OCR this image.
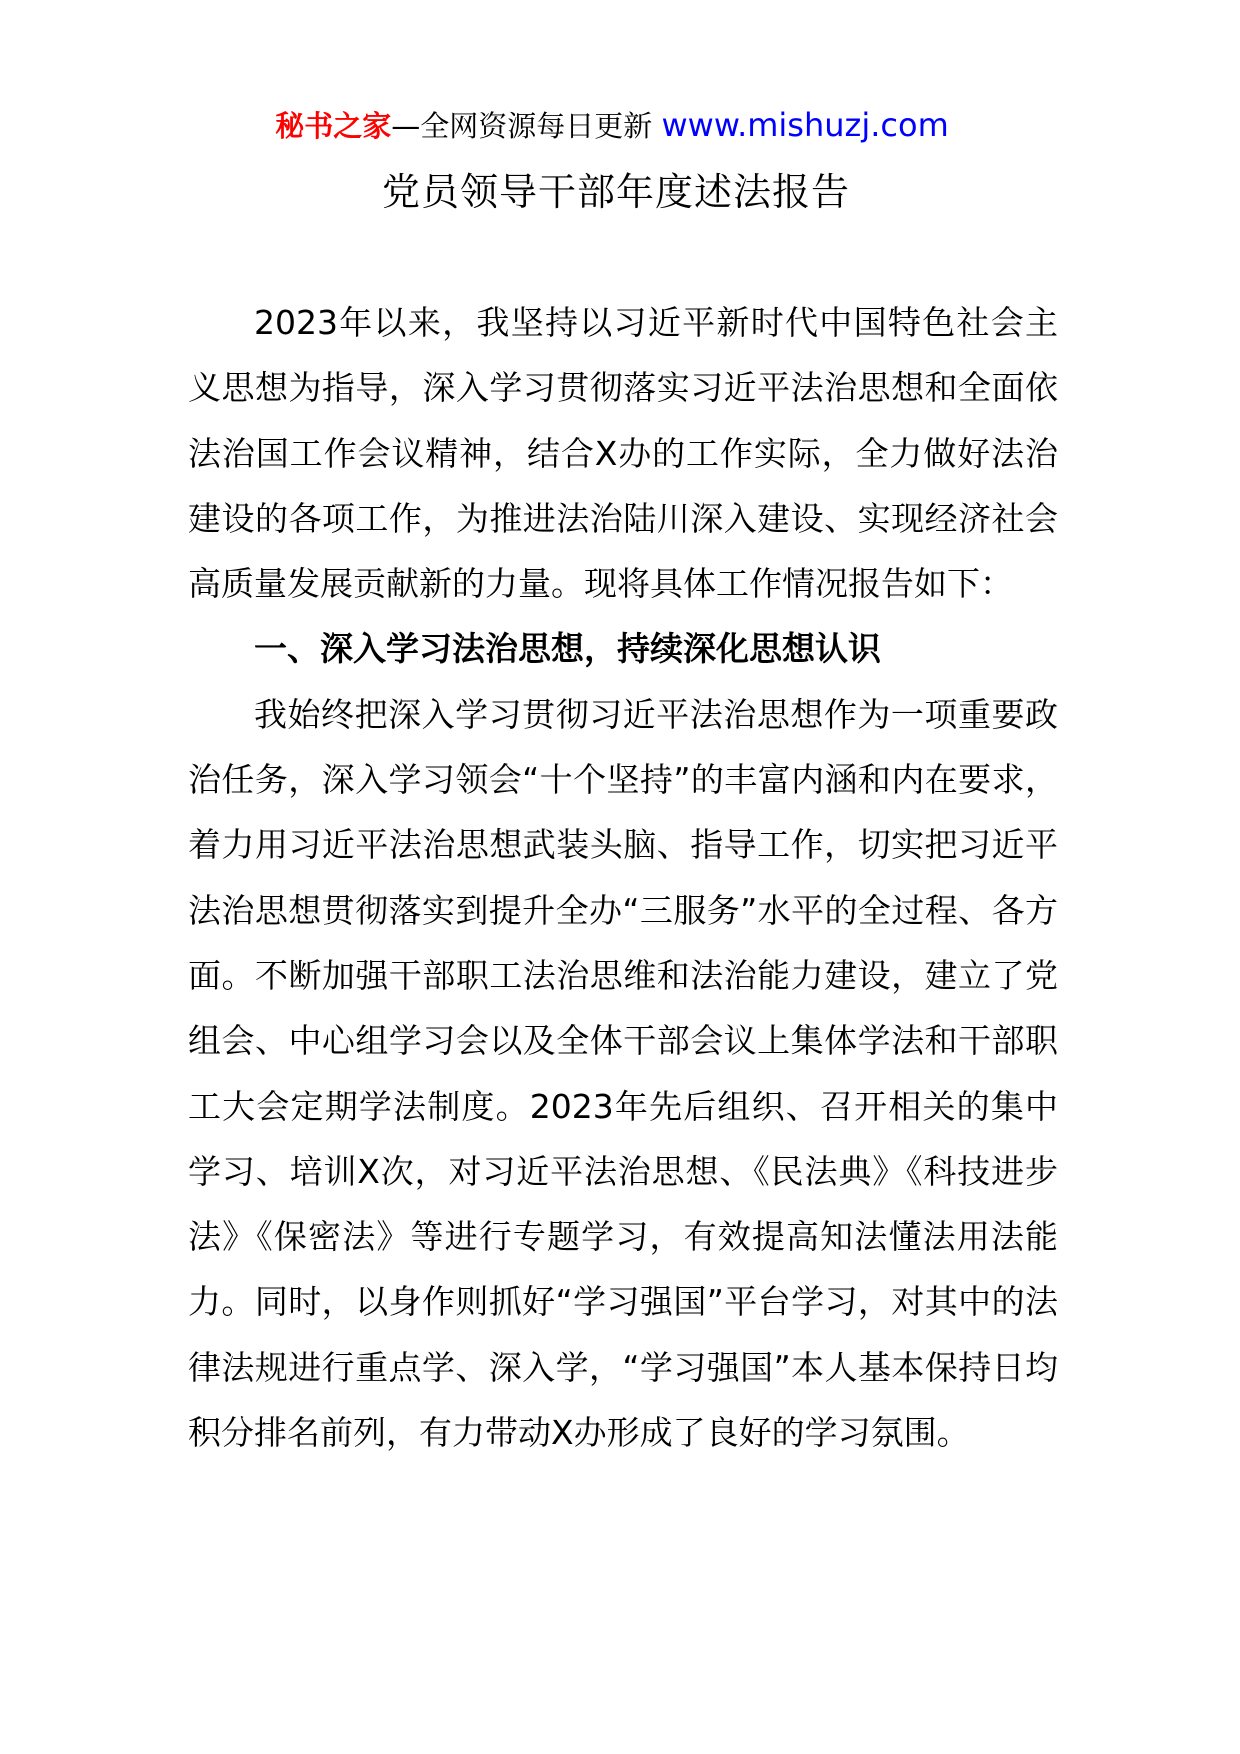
秘书之家—全网资源每日更新 www.mishuzj.com
党员领导干部年度述法报告

2023年以来，我坚持以习近平新时代中国特色社会主义思想为指导，深入学习贯彻落实习近平法治思想和全面依法治国工作会议精神，结合X办的工作实际，全力做好法治建设的各项工作，为推进法治陆川深入建设、实现经济社会高质量发展贡献新的力量。现将具体工作情况报告如下：

一、深入学习法治思想，持续深化思想认识

我始终把深入学习贯彻习近平法治思想作为一项重要政治任务，深入学习领会“十个坚持”的丰富内涵和内在要求，着力用习近平法治思想武装头脑、指导工作，切实把习近平法治思想贯彻落实到提升全办“三服务”水平的全过程、各方面。不断加强干部职工法治思维和法治能力建设，建立了党组会、中心组学习会以及全体干部会议上集体学法和干部职工大会定期学法制度。2023年先后组织、召开相关的集中学习、培训X次，对习近平法治思想、《民法典》《科技进步法》《保密法》等进行专题学习，有效提高知法懂法用法能力。同时，以身作则抓好“学习强国”平台学习，对其中的法律法规进行重点学、深入学，“学习强国”本人基本保持日均积分排名前列，有力带动X办形成了良好的学习氛围。
